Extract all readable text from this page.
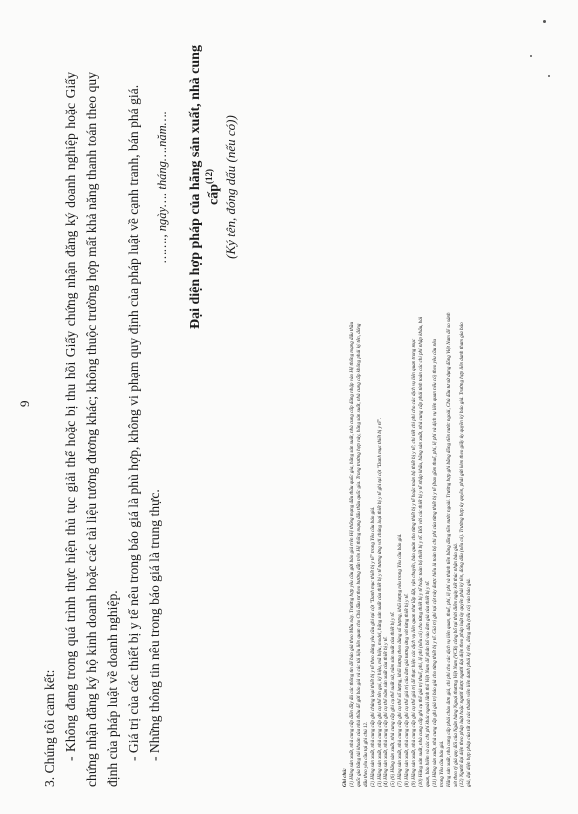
9

3. Chúng tôi cam kết: - Không đang trong quá trình thực hiện thủ tục giải thể hoặc bị thu hồi Giấy chứng nhận đăng ký doanh nghiệp hoặc Giấy chứng nhận đăng ký hộ kinh doanh hoặc các tài liệu tương đương khác; không thuộc trường hợp mất khả năng thanh toán theo quy định của pháp luật về doanh nghiệp. - Giá trị của các thiết bị y tế nêu trong báo giá là phù hợp, không vi phạm quy định của pháp luật về cạnh tranh, bán phá giá. - Những thông tin nêu trong báo giá là trung thực.

……., ngày…. tháng….năm…. Đại diện hợp pháp của hãng sản xuất, nhà cung cấp$^{(12)}$ (Ký tên, đóng dấu (nếu có))
Ghi chú: (1) Hãng sản xuất, nhà cung cấp điền đầy đủ các thông tin để báo giá theo Mẫu này. Trường hợp yêu cầu gửi báo giá trên Hệ thống mạng đấu thầu quốc gia, hãng sản xuất, nhà cung cấp đăng nhập vào Hệ thống mạng đấu thầu quốc gia bằng tài khoản của nhà thầu để gửi báo giá và các tài liệu liên quan cho Chủ đầu tư theo hướng dẫn trên Hệ thống mạng đấu thầu quốc gia. Trong trường hợp này, hãng sản xuất, nhà cung cấp không phải ký tên, đóng dấu theo yêu cầu tại ghi chú 12. (2) Hãng sản xuất, nhà cung cấp ghi chủng loại thiết bị y tế theo đúng yêu cầu ghi tại cột "Danh mục thiết bị y tế" trong Yêu cầu báo giá. (3) Hãng sản xuất, nhà cung cấp ghi cụ thể tên gọi, ký hiệu, mã hiệu, model, hãng sản xuất của thiết bị y tế tương ứng với chủng loại thiết bị y tế ghi tại cột "Danh mục thiết bị y tế". (4) Hãng sản xuất, nhà cung cấp ghi cụ thể năm sản xuất của thiết bị y tế. (5) (6) Hãng sản xuất, nhà cung cấp ghi cụ thể xuất xứ, năm sản xuất của thiết bị y tế. (7) Hãng sản xuất, nhà cung cấp ghi cụ thể số lượng, khối lượng theo đúng số lượng, khối lượng nêu trong Yêu cầu báo giá. (8) Hãng sản xuất, nhà cung cấp ghi cụ thể giá trị của đơn giá tương ứng với từng thiết bị y tế. (9) Hãng sản xuất, nhà cung cấp ghi cụ thể giá trị để thực hiện các dịch vụ liên quan như lắp đặt, vận chuyển, bảo quản cho từng thiết bị y tế hoặc toàn bộ thiết bị y tế; chi tiết chi phí cho các dịch vụ liên quan trong mục (10) Hãng sản xuất, nhà cung cấp ghi cụ thể giá trị thuế, phí, lệ phí (nếu có) cho từng thiết bị y tế hoặc toàn bộ thiết bị y tế. Đối với các thiết bị y tế nhập khẩu, hãng sản xuất, nhà cung cấp phải tính toán các chi phí nhập khẩu, hải quan, bảo hiểm và các chi phí khác ngoài lãnh thổ Việt Nam để phân bổ vào đơn giá của thiết bị y tế. (11) Hãng sản xuất, nhà cung cấp ghi giá trị báo giá cho từng thiết bị y tế. Giá trị ghi tại cột này được hiểu là toàn bộ chi phí của từng thiết bị y tế (bao gồm thuế, phí, lệ phí và dịch vụ liên quan nếu có) theo yêu cầu nêu trong Yêu cầu báo giá. Hãng sản xuất, nhà cung cấp phải chào đơn giá, chi phí cho các dịch vụ liên quan, thuế, phí, lệ phí và thành tiền bằng đồng tiền nước ngoài. Trường hợp ghi bằng đồng tiền nước ngoài, Chủ đầu tư sử dụng đồng Việt Nam để so sánh xét theo tỷ giá quy đổi của Ngân hàng Ngoại thương Việt Nam (VCB) công bố tại thời điểm ngày kết thúc nhận báo giá. (12) Người đại diện theo pháp luật hoặc người được người đại diện theo pháp luật ủy quyền phải ký tên, đóng dấu (nếu có). Trường hợp ủy quyền, phải gửi kèm theo giấy ủy quyền ký báo giá. Trường hợp liên danh tham gia báo giá, đại diện hợp pháp của tất cả các thành viên liên danh phải ký tên, đóng dấu (nếu có) vào báo giá.
